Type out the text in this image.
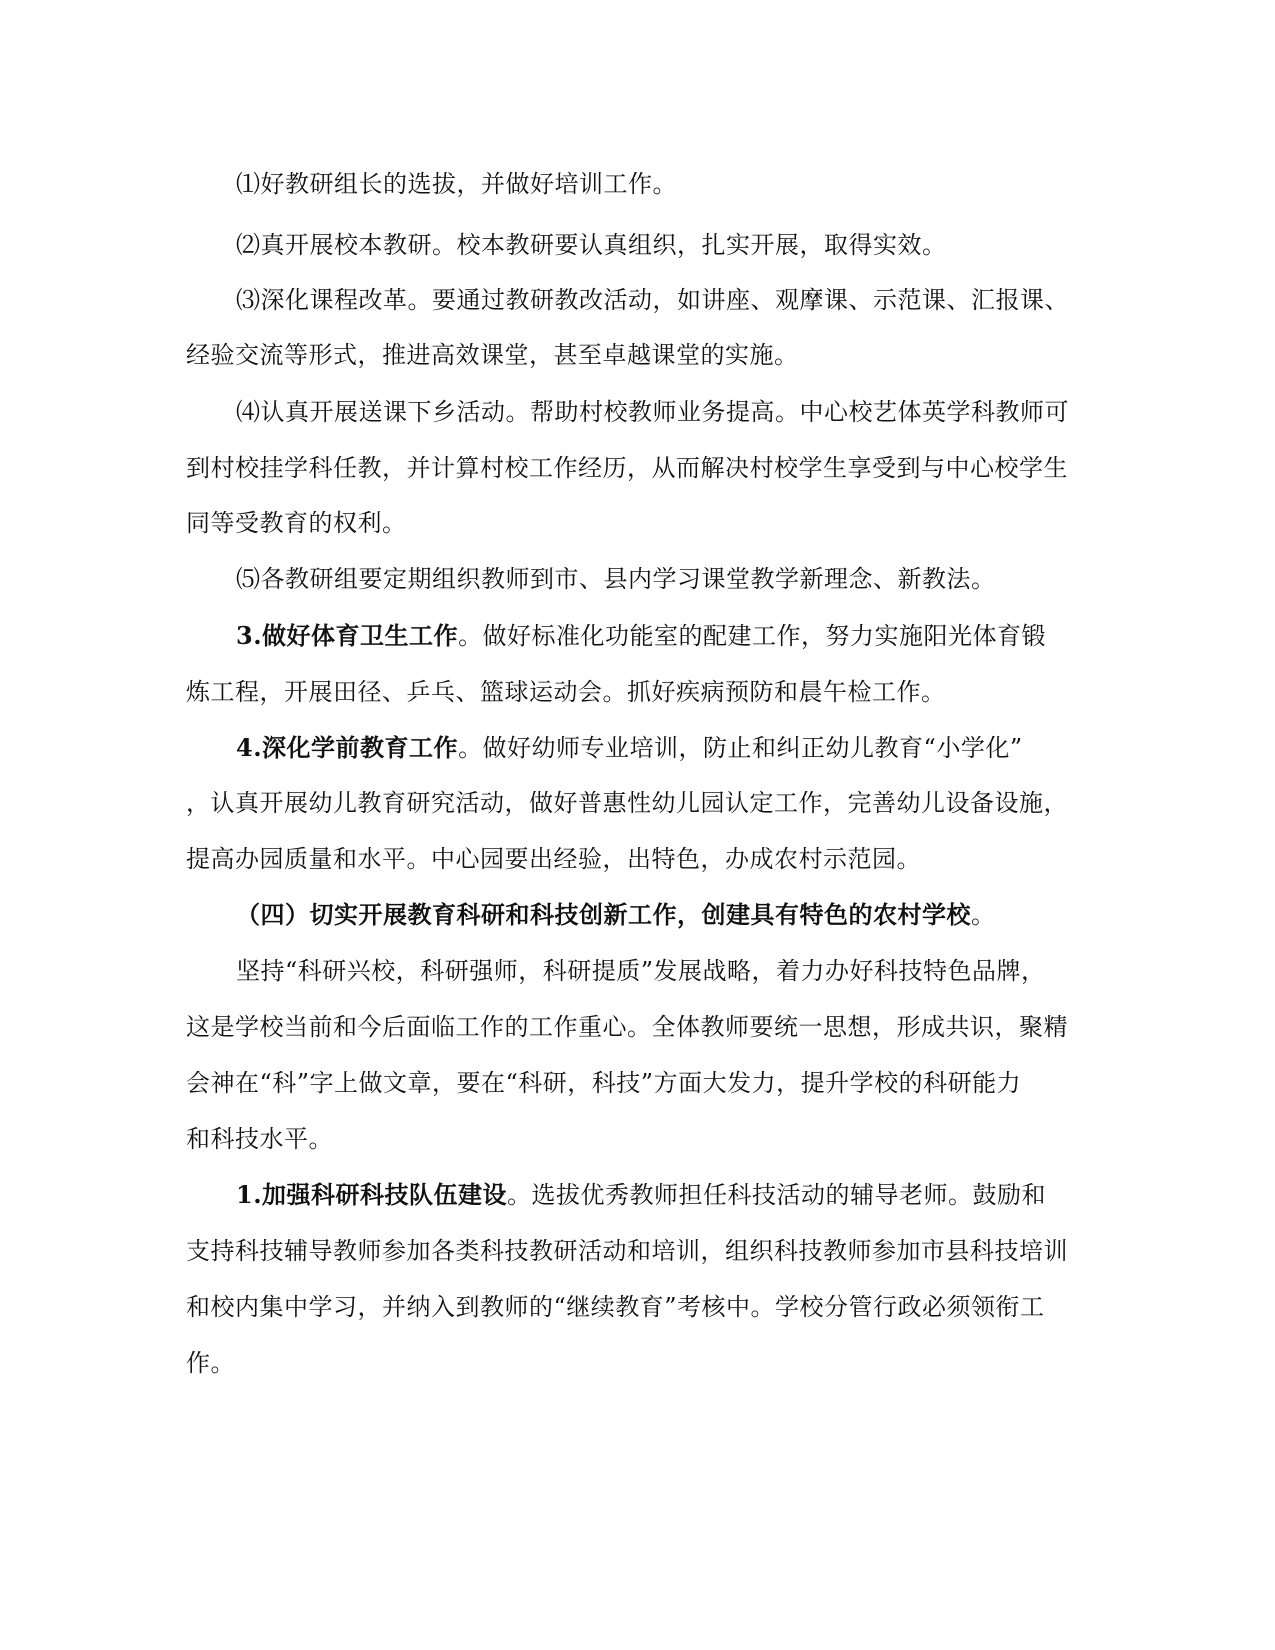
⑴好教研组长的选拔，并做好培训工作。
⑵真开展校本教研。校本教研要认真组织，扎实开展，取得实效。
⑶深化课程改革。要通过教研教改活动，如讲座、观摩课、示范课、汇报课、
经验交流等形式，推进高效课堂，甚至卓越课堂的实施。
⑷认真开展送课下乡活动。帮助村校教师业务提高。中心校艺体英学科教师可
到村校挂学科任教，并计算村校工作经历，从而解决村校学生享受到与中心校学生
同等受教育的权利。
⑸各教研组要定期组织教师到市、县内学习课堂教学新理念、新教法。
3.做好体育卫生工作。做好标准化功能室的配建工作，努力实施阳光体育锻
炼工程，开展田径、乒乓、篮球运动会。抓好疾病预防和晨午检工作。
4.深化学前教育工作。做好幼师专业培训，防止和纠正幼儿教育“小学化”
，认真开展幼儿教育研究活动，做好普惠性幼儿园认定工作，完善幼儿设备设施，
提高办园质量和水平。中心园要出经验，出特色，办成农村示范园。
（四）切实开展教育科研和科技创新工作，创建具有特色的农村学校。
坚持“科研兴校，科研强师，科研提质”发展战略，着力办好科技特色品牌，
这是学校当前和今后面临工作的工作重心。全体教师要统一思想，形成共识，聚精
会神在“科”字上做文章，要在“科研，科技”方面大发力，提升学校的科研能力
和科技水平。
1.加强科研科技队伍建设。选拔优秀教师担任科技活动的辅导老师。鼓励和
支持科技辅导教师参加各类科技教研活动和培训，组织科技教师参加市县科技培训
和校内集中学习，并纳入到教师的“继续教育”考核中。学校分管行政必须领衔工
作。
